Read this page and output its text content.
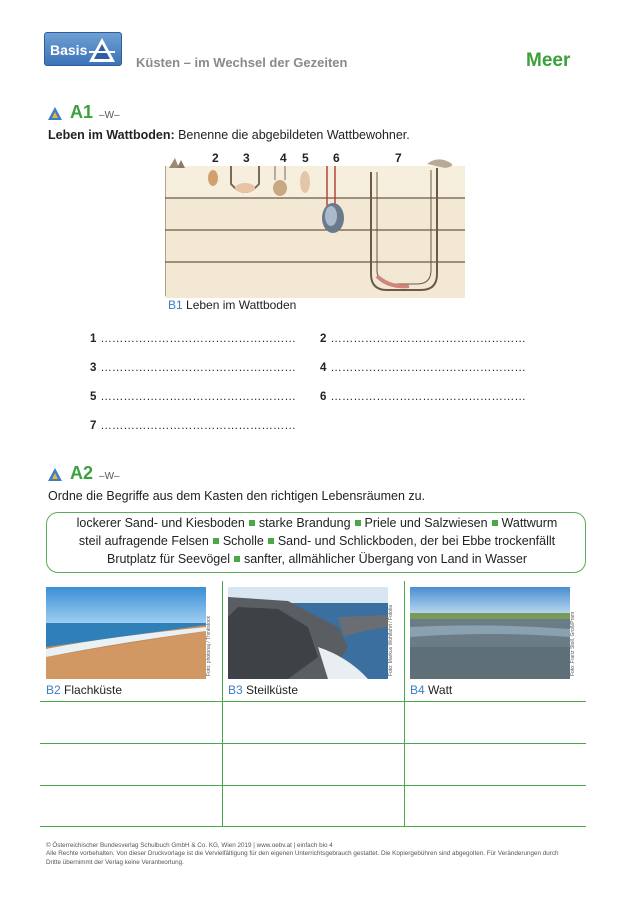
Basis
Küsten – im Wechsel der Gezeiten	Meer
A1 –W–
Leben im Wattboden: Benenne die abgebildeten Wattbewohner.
2 3	4 5 6	7
B1 Leben im Wattboden
1 …………………………………………… 2 ……………………………………………
3 …………………………………………… 4 ……………………………………………
5 …………………………………………… 6 ……………………………………………
7 ……………………………………………
A2 –W–
Ordne die Begriffe aus dem Kasten den richtigen Lebensräumen zu.
lockerer Sand- und Kiesboden starke Brandung Priele und Salzwiesen Wattwurm
steil aufragende Felsen Scholle Sand- und Schlickboden, der bei Ebbe trockenfällt
Brutplatz für Seevögel sanfter, allmählicher Übergang von Land in Wasser
Foto: photonaj / Thinkstock	Foto: Markus Wohlfahrt / Fotolia	Foto: Franz Stoll, Groß/Pram
B2 Flachküste	B3 Steilküste	B4 Watt
© Österreichischer Bundesverlag Schulbuch GmbH & Co. KG, Wien 2019 | www.oebv.at | einfach bio 4
Alle Rechte vorbehalten. Von dieser Druckvorlage ist die Vervielfältigung für den eigenen Unterrichtsgebrauch gestattet. Die Kopiergebühren sind abgegolten. Für Veränderungen durch
Dritte übernimmt der Verlag keine Verantwortung.
